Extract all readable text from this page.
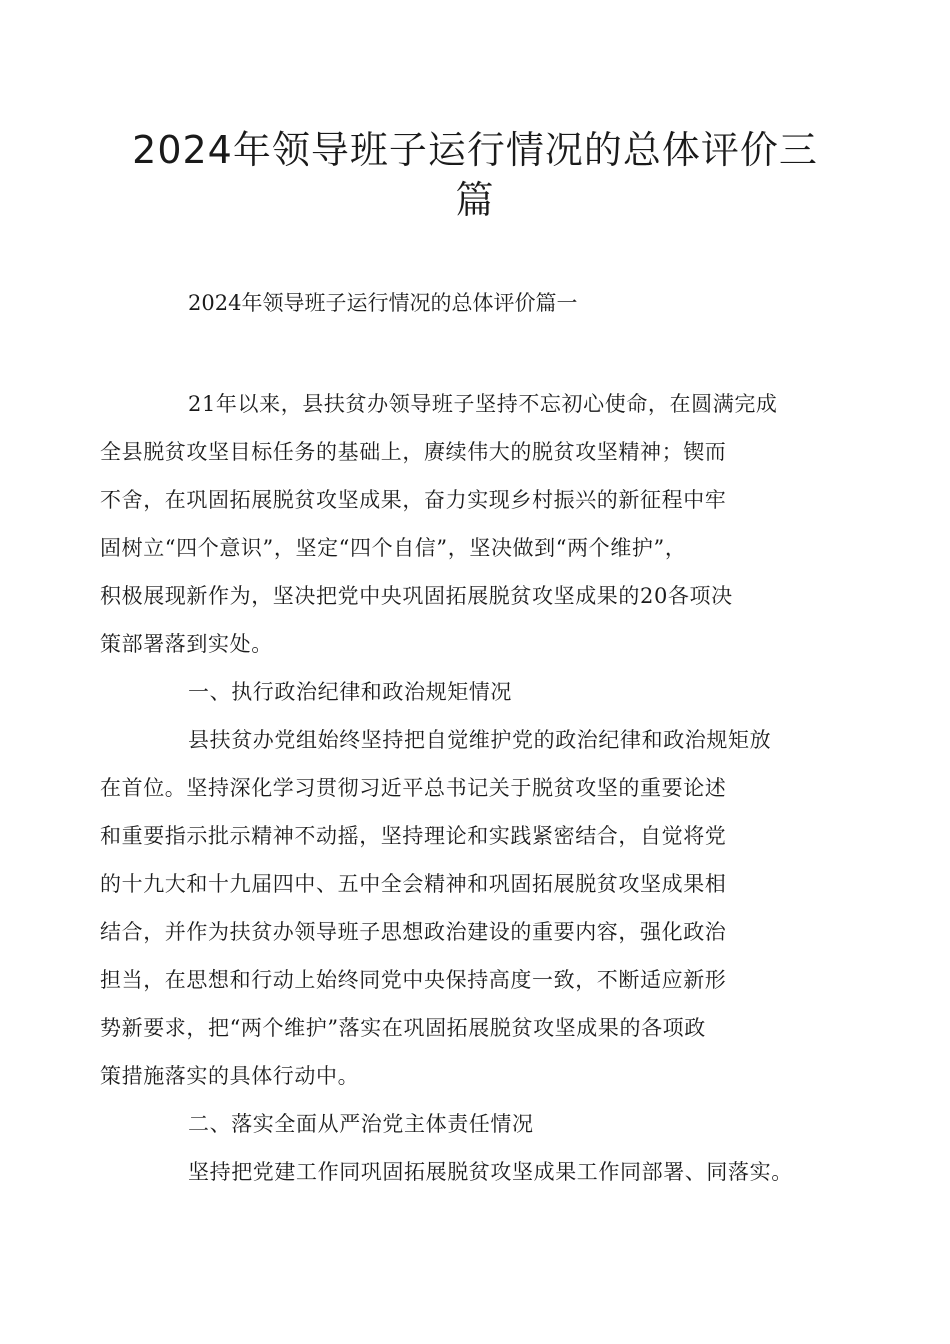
2024年领导班子运行情况的总体评价三篇

2024年领导班子运行情况的总体评价篇一

21年以来，县扶贫办领导班子坚持不忘初心使命，在圆满完成
全县脱贫攻坚目标任务的基础上，赓续伟大的脱贫攻坚精神；锲而
不舍，在巩固拓展脱贫攻坚成果，奋力实现乡村振兴的新征程中牢
固树立“四个意识”，坚定“四个自信”，坚决做到“两个维护”，
积极展现新作为，坚决把党中央巩固拓展脱贫攻坚成果的20各项决
策部署落到实处。

一、执行政治纪律和政治规矩情况

县扶贫办党组始终坚持把自觉维护党的政治纪律和政治规矩放
在首位。坚持深化学习贯彻习近平总书记关于脱贫攻坚的重要论述
和重要指示批示精神不动摇，坚持理论和实践紧密结合，自觉将党
的十九大和十九届四中、五中全会精神和巩固拓展脱贫攻坚成果相
结合，并作为扶贫办领导班子思想政治建设的重要内容，强化政治
担当，在思想和行动上始终同党中央保持高度一致，不断适应新形
势新要求，把“两个维护”落实在巩固拓展脱贫攻坚成果的各项政
策措施落实的具体行动中。

二、落实全面从严治党主体责任情况

坚持把党建工作同巩固拓展脱贫攻坚成果工作同部署、同落实。
